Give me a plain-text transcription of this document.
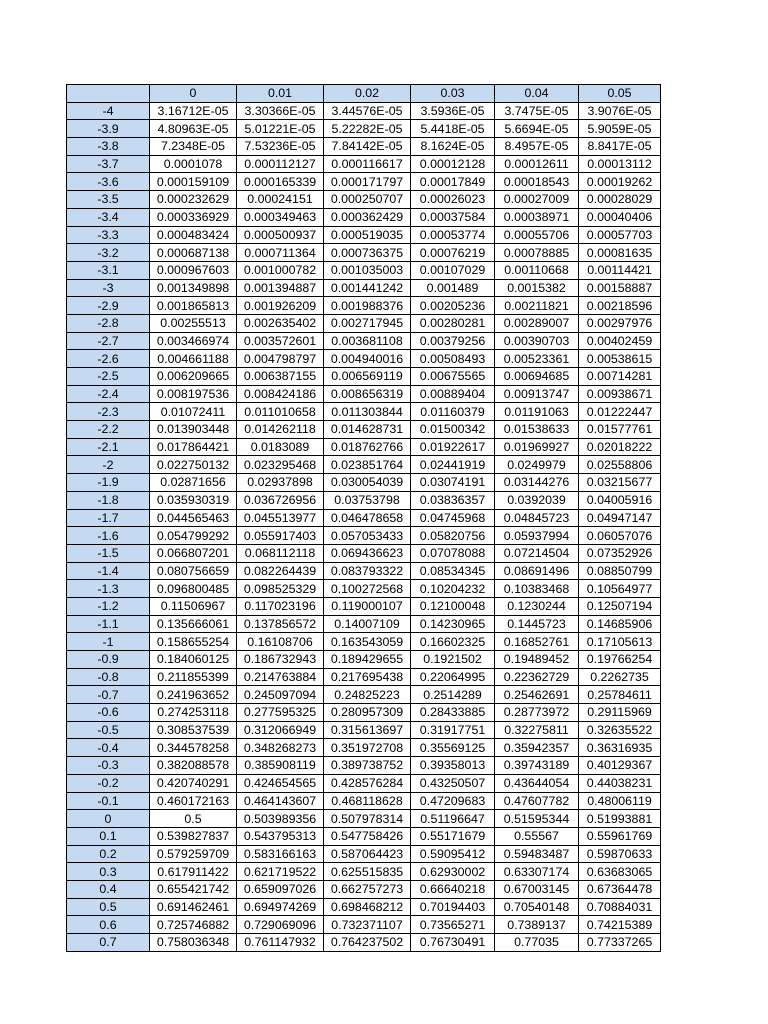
	0	0.01	0.02	0.03	0.04	0.05
-4	3.16712E-05	3.30366E-05	3.44576E-05	3.5936E-05	3.7475E-05	3.9076E-05
-3.9	4.80963E-05	5.01221E-05	5.22282E-05	5.4418E-05	5.6694E-05	5.9059E-05
-3.8	7.2348E-05	7.53236E-05	7.84142E-05	8.1624E-05	8.4957E-05	8.8417E-05
-3.7	0.0001078	0.000112127	0.000116617	0.00012128	0.00012611	0.00013112
-3.6	0.000159109	0.000165339	0.000171797	0.00017849	0.00018543	0.00019262
-3.5	0.000232629	0.00024151	0.000250707	0.00026023	0.00027009	0.00028029
-3.4	0.000336929	0.000349463	0.000362429	0.00037584	0.00038971	0.00040406
-3.3	0.000483424	0.000500937	0.000519035	0.00053774	0.00055706	0.00057703
-3.2	0.000687138	0.000711364	0.000736375	0.00076219	0.00078885	0.00081635
-3.1	0.000967603	0.001000782	0.001035003	0.00107029	0.00110668	0.00114421
-3	0.001349898	0.001394887	0.001441242	0.001489	0.0015382	0.00158887
-2.9	0.001865813	0.001926209	0.001988376	0.00205236	0.00211821	0.00218596
-2.8	0.00255513	0.002635402	0.002717945	0.00280281	0.00289007	0.00297976
-2.7	0.003466974	0.003572601	0.003681108	0.00379256	0.00390703	0.00402459
-2.6	0.004661188	0.004798797	0.004940016	0.00508493	0.00523361	0.00538615
-2.5	0.006209665	0.006387155	0.006569119	0.00675565	0.00694685	0.00714281
-2.4	0.008197536	0.008424186	0.008656319	0.00889404	0.00913747	0.00938671
-2.3	0.01072411	0.011010658	0.011303844	0.01160379	0.01191063	0.01222447
-2.2	0.013903448	0.014262118	0.014628731	0.01500342	0.01538633	0.01577761
-2.1	0.017864421	0.0183089	0.018762766	0.01922617	0.01969927	0.02018222
-2	0.022750132	0.023295468	0.023851764	0.02441919	0.0249979	0.02558806
-1.9	0.02871656	0.02937898	0.030054039	0.03074191	0.03144276	0.03215677
-1.8	0.035930319	0.036726956	0.03753798	0.03836357	0.0392039	0.04005916
-1.7	0.044565463	0.045513977	0.046478658	0.04745968	0.04845723	0.04947147
-1.6	0.054799292	0.055917403	0.057053433	0.05820756	0.05937994	0.06057076
-1.5	0.066807201	0.068112118	0.069436623	0.07078088	0.07214504	0.07352926
-1.4	0.080756659	0.082264439	0.083793322	0.08534345	0.08691496	0.08850799
-1.3	0.096800485	0.098525329	0.100272568	0.10204232	0.10383468	0.10564977
-1.2	0.11506967	0.117023196	0.119000107	0.12100048	0.1230244	0.12507194
-1.1	0.135666061	0.137856572	0.14007109	0.14230965	0.1445723	0.14685906
-1	0.158655254	0.16108706	0.163543059	0.16602325	0.16852761	0.17105613
-0.9	0.184060125	0.186732943	0.189429655	0.1921502	0.19489452	0.19766254
-0.8	0.211855399	0.214763884	0.217695438	0.22064995	0.22362729	0.2262735
-0.7	0.241963652	0.245097094	0.24825223	0.2514289	0.25462691	0.25784611
-0.6	0.274253118	0.277595325	0.280957309	0.28433885	0.28773972	0.29115969
-0.5	0.308537539	0.312066949	0.315613697	0.31917751	0.32275811	0.32635522
-0.4	0.344578258	0.348268273	0.351972708	0.35569125	0.35942357	0.36316935
-0.3	0.382088578	0.385908119	0.389738752	0.39358013	0.39743189	0.40129367
-0.2	0.420740291	0.424654565	0.428576284	0.43250507	0.43644054	0.44038231
-0.1	0.460172163	0.464143607	0.468118628	0.47209683	0.47607782	0.48006119
0	0.5	0.503989356	0.507978314	0.51196647	0.51595344	0.51993881
0.1	0.539827837	0.543795313	0.547758426	0.55171679	0.55567	0.55961769
0.2	0.579259709	0.583166163	0.587064423	0.59095412	0.59483487	0.59870633
0.3	0.617911422	0.621719522	0.625515835	0.62930002	0.63307174	0.63683065
0.4	0.655421742	0.659097026	0.662757273	0.66640218	0.67003145	0.67364478
0.5	0.691462461	0.694974269	0.698468212	0.70194403	0.70540148	0.70884031
0.6	0.725746882	0.729069096	0.732371107	0.73565271	0.7389137	0.74215389
0.7	0.758036348	0.761147932	0.764237502	0.76730491	0.77035	0.77337265
